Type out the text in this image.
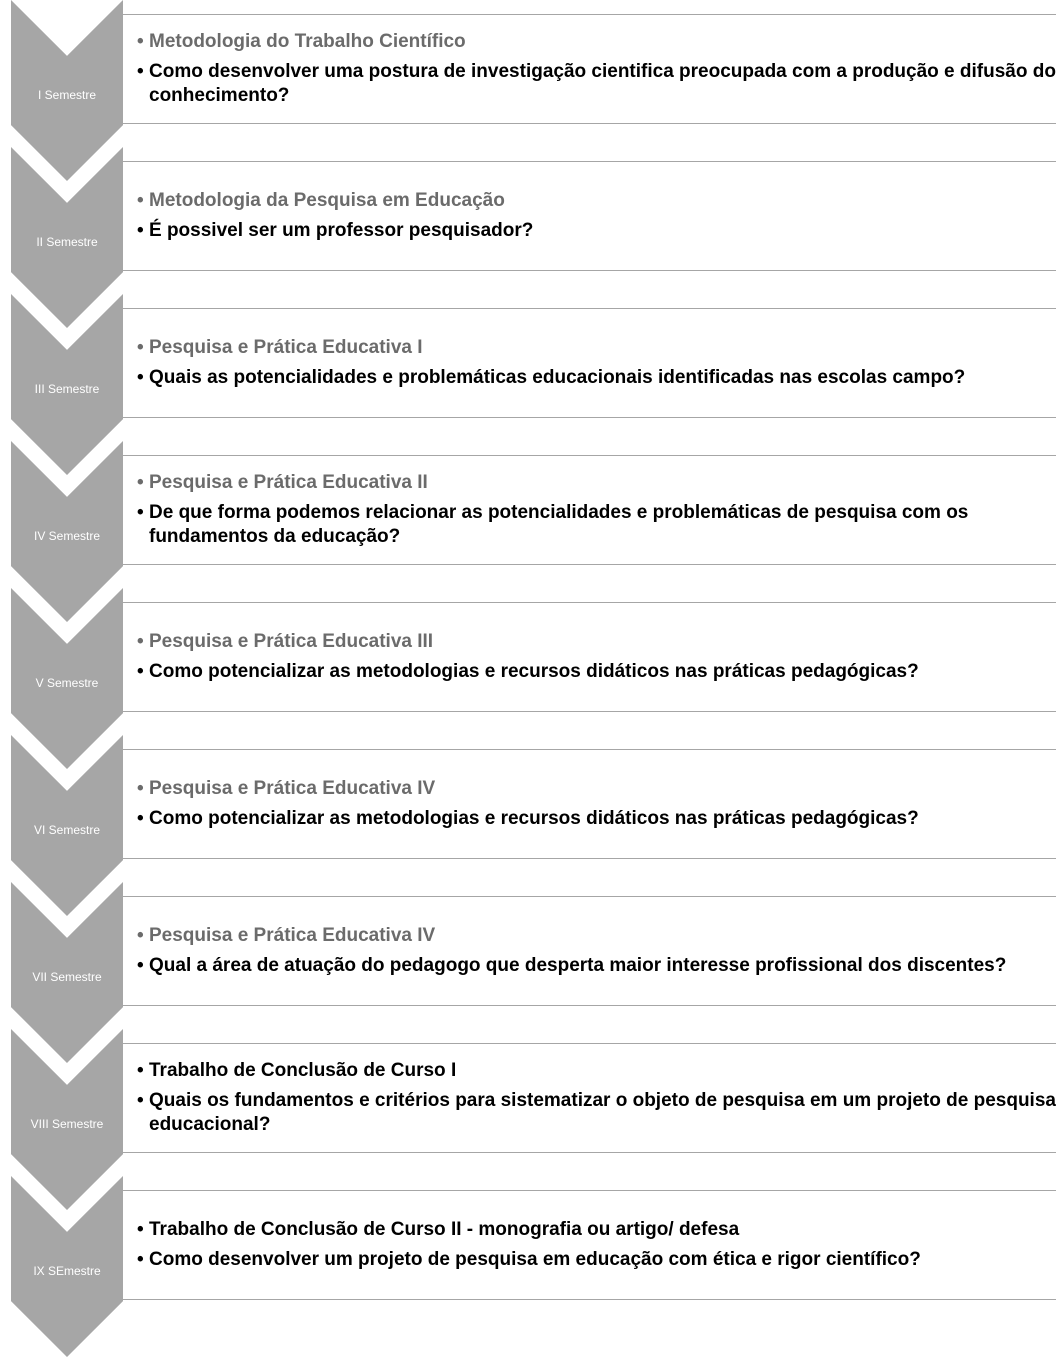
I Semestre

• Metodologia do Trabalho Científico

• Como desenvolver uma postura de investigação cientifica preocupada com a produção e difusão do conhecimento?

II Semestre

• Metodologia da Pesquisa em Educação

• É possivel ser um professor pesquisador?

III Semestre

• Pesquisa e Prática Educativa I

• Quais as potencialidades e problemáticas educacionais identificadas nas escolas campo?

IV Semestre

• Pesquisa e Prática Educativa II

• De que forma podemos relacionar as potencialidades e problemáticas de pesquisa com os fundamentos da educação?

V Semestre

• Pesquisa e Prática Educativa III

• Como potencializar as metodologias e recursos didáticos nas práticas pedagógicas?

VI Semestre

• Pesquisa e Prática Educativa IV

• Como potencializar as metodologias e recursos didáticos nas práticas pedagógicas?

VII Semestre

• Pesquisa e Prática Educativa IV

• Qual a área de atuação do pedagogo que desperta maior interesse profissional dos discentes?

VIII Semestre

• Trabalho de Conclusão de Curso I

• Quais os fundamentos e critérios para sistematizar o objeto de pesquisa em um projeto de pesquisa educacional?

IX SEmestre

• Trabalho de Conclusão de Curso II - monografia ou artigo/ defesa

• Como desenvolver um projeto de pesquisa em educação com ética e rigor científico?
